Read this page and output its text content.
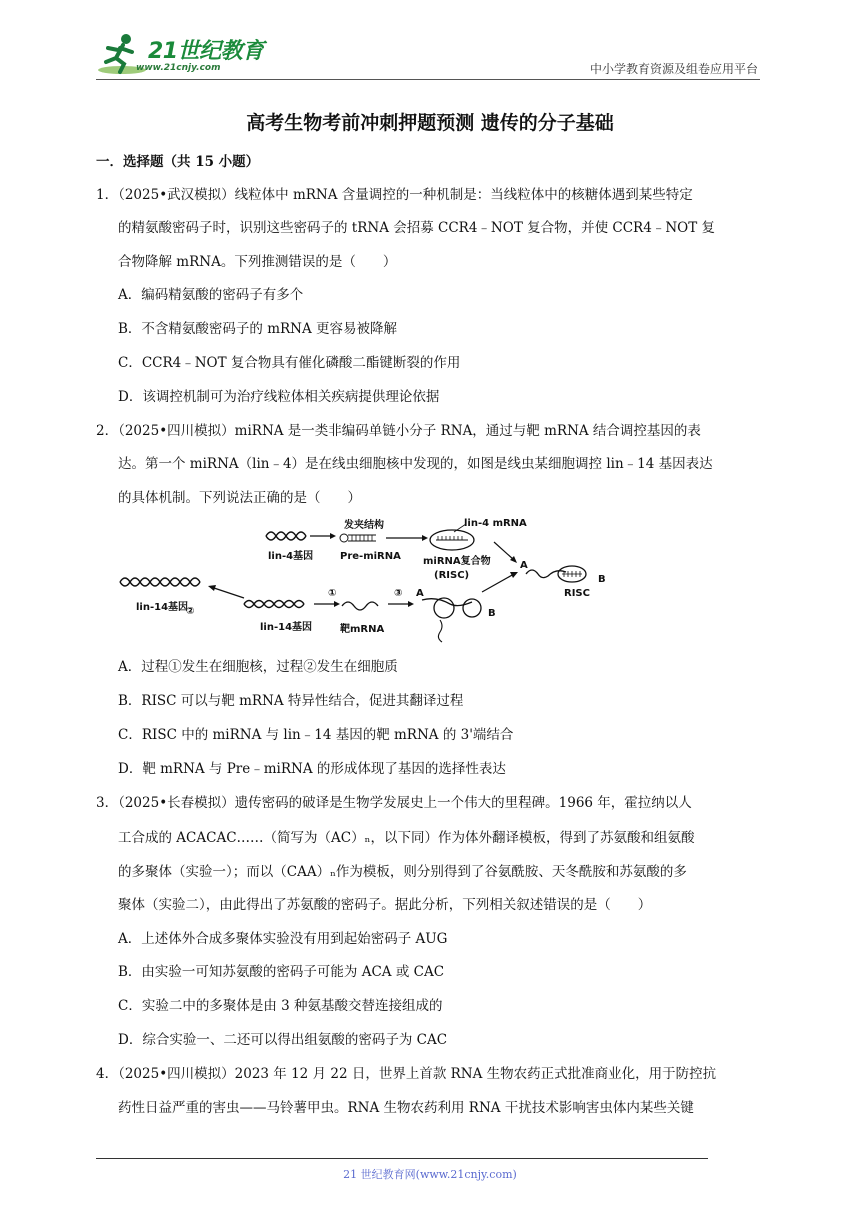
21世纪教育
www.21cnjy.com	中小学教育资源及组卷应用平台
高考生物考前冲刺押题预测 遗传的分子基础
一．选择题（共 15 小题）
1．（2025•武汉模拟）线粒体中 mRNA 含量调控的一种机制是：当线粒体中的核糖体遇到某些特定
的精氨酸密码子时，识别这些密码子的 tRNA 会招募 CCR4﹣NOT 复合物，并使 CCR4﹣NOT 复
合物降解 mRNA。下列推测错误的是（　　）
A．编码精氨酸的密码子有多个
B．不含精氨酸密码子的 mRNA 更容易被降解
C．CCR4﹣NOT 复合物具有催化磷酸二酯键断裂的作用
D．该调控机制可为治疗线粒体相关疾病提供理论依据
2．（2025•四川模拟）miRNA 是一类非编码单链小分子 RNA，通过与靶 mRNA 结合调控基因的表
达。第一个 miRNA（lin﹣4）是在线虫细胞核中发现的，如图是线虫某细胞调控 lin﹣14 基因表达
的具体机制。下列说法正确的是（　　）
A．过程①发生在细胞核，过程②发生在细胞质
B．RISC 可以与靶 mRNA 特异性结合，促进其翻译过程
C．RISC 中的 miRNA 与 lin﹣14 基因的靶 mRNA 的 3'端结合
D．靶 mRNA 与 Pre﹣miRNA 的形成体现了基因的选择性表达
3．（2025•长春模拟）遗传密码的破译是生物学发展史上一个伟大的里程碑。1966 年，霍拉纳以人
工合成的 ACACAC……（简写为（AC）ₙ，以下同）作为体外翻译模板，得到了苏氨酸和组氨酸
的多聚体（实验一）；而以（CAA）ₙ作为模板，则分别得到了谷氨酰胺、天冬酰胺和苏氨酸的多
聚体（实验二），由此得出了苏氨酸的密码子。据此分析，下列相关叙述错误的是（　　）
A．上述体外合成多聚体实验没有用到起始密码子 AUG
B．由实验一可知苏氨酸的密码子可能为 ACA 或 CAC
C．实验二中的多聚体是由 3 种氨基酸交替连接组成的
D．综合实验一、二还可以得出组氨酸的密码子为 CAC
4．（2025•四川模拟）2023 年 12 月 22 日，世界上首款 RNA 生物农药正式批准商业化，用于防控抗
药性日益严重的害虫——马铃薯甲虫。RNA 生物农药利用 RNA 干扰技术影响害虫体内某些关键
lin-4基因
发夹结构
Pre-miRNA
lin-4 mRNA
miRNA复合物
(RISC)
A
B
RISC
lin-14基因
②
lin-14基因
①
靶mRNA
③ A
B
21 世纪教育网(www.21cnjy.com)
